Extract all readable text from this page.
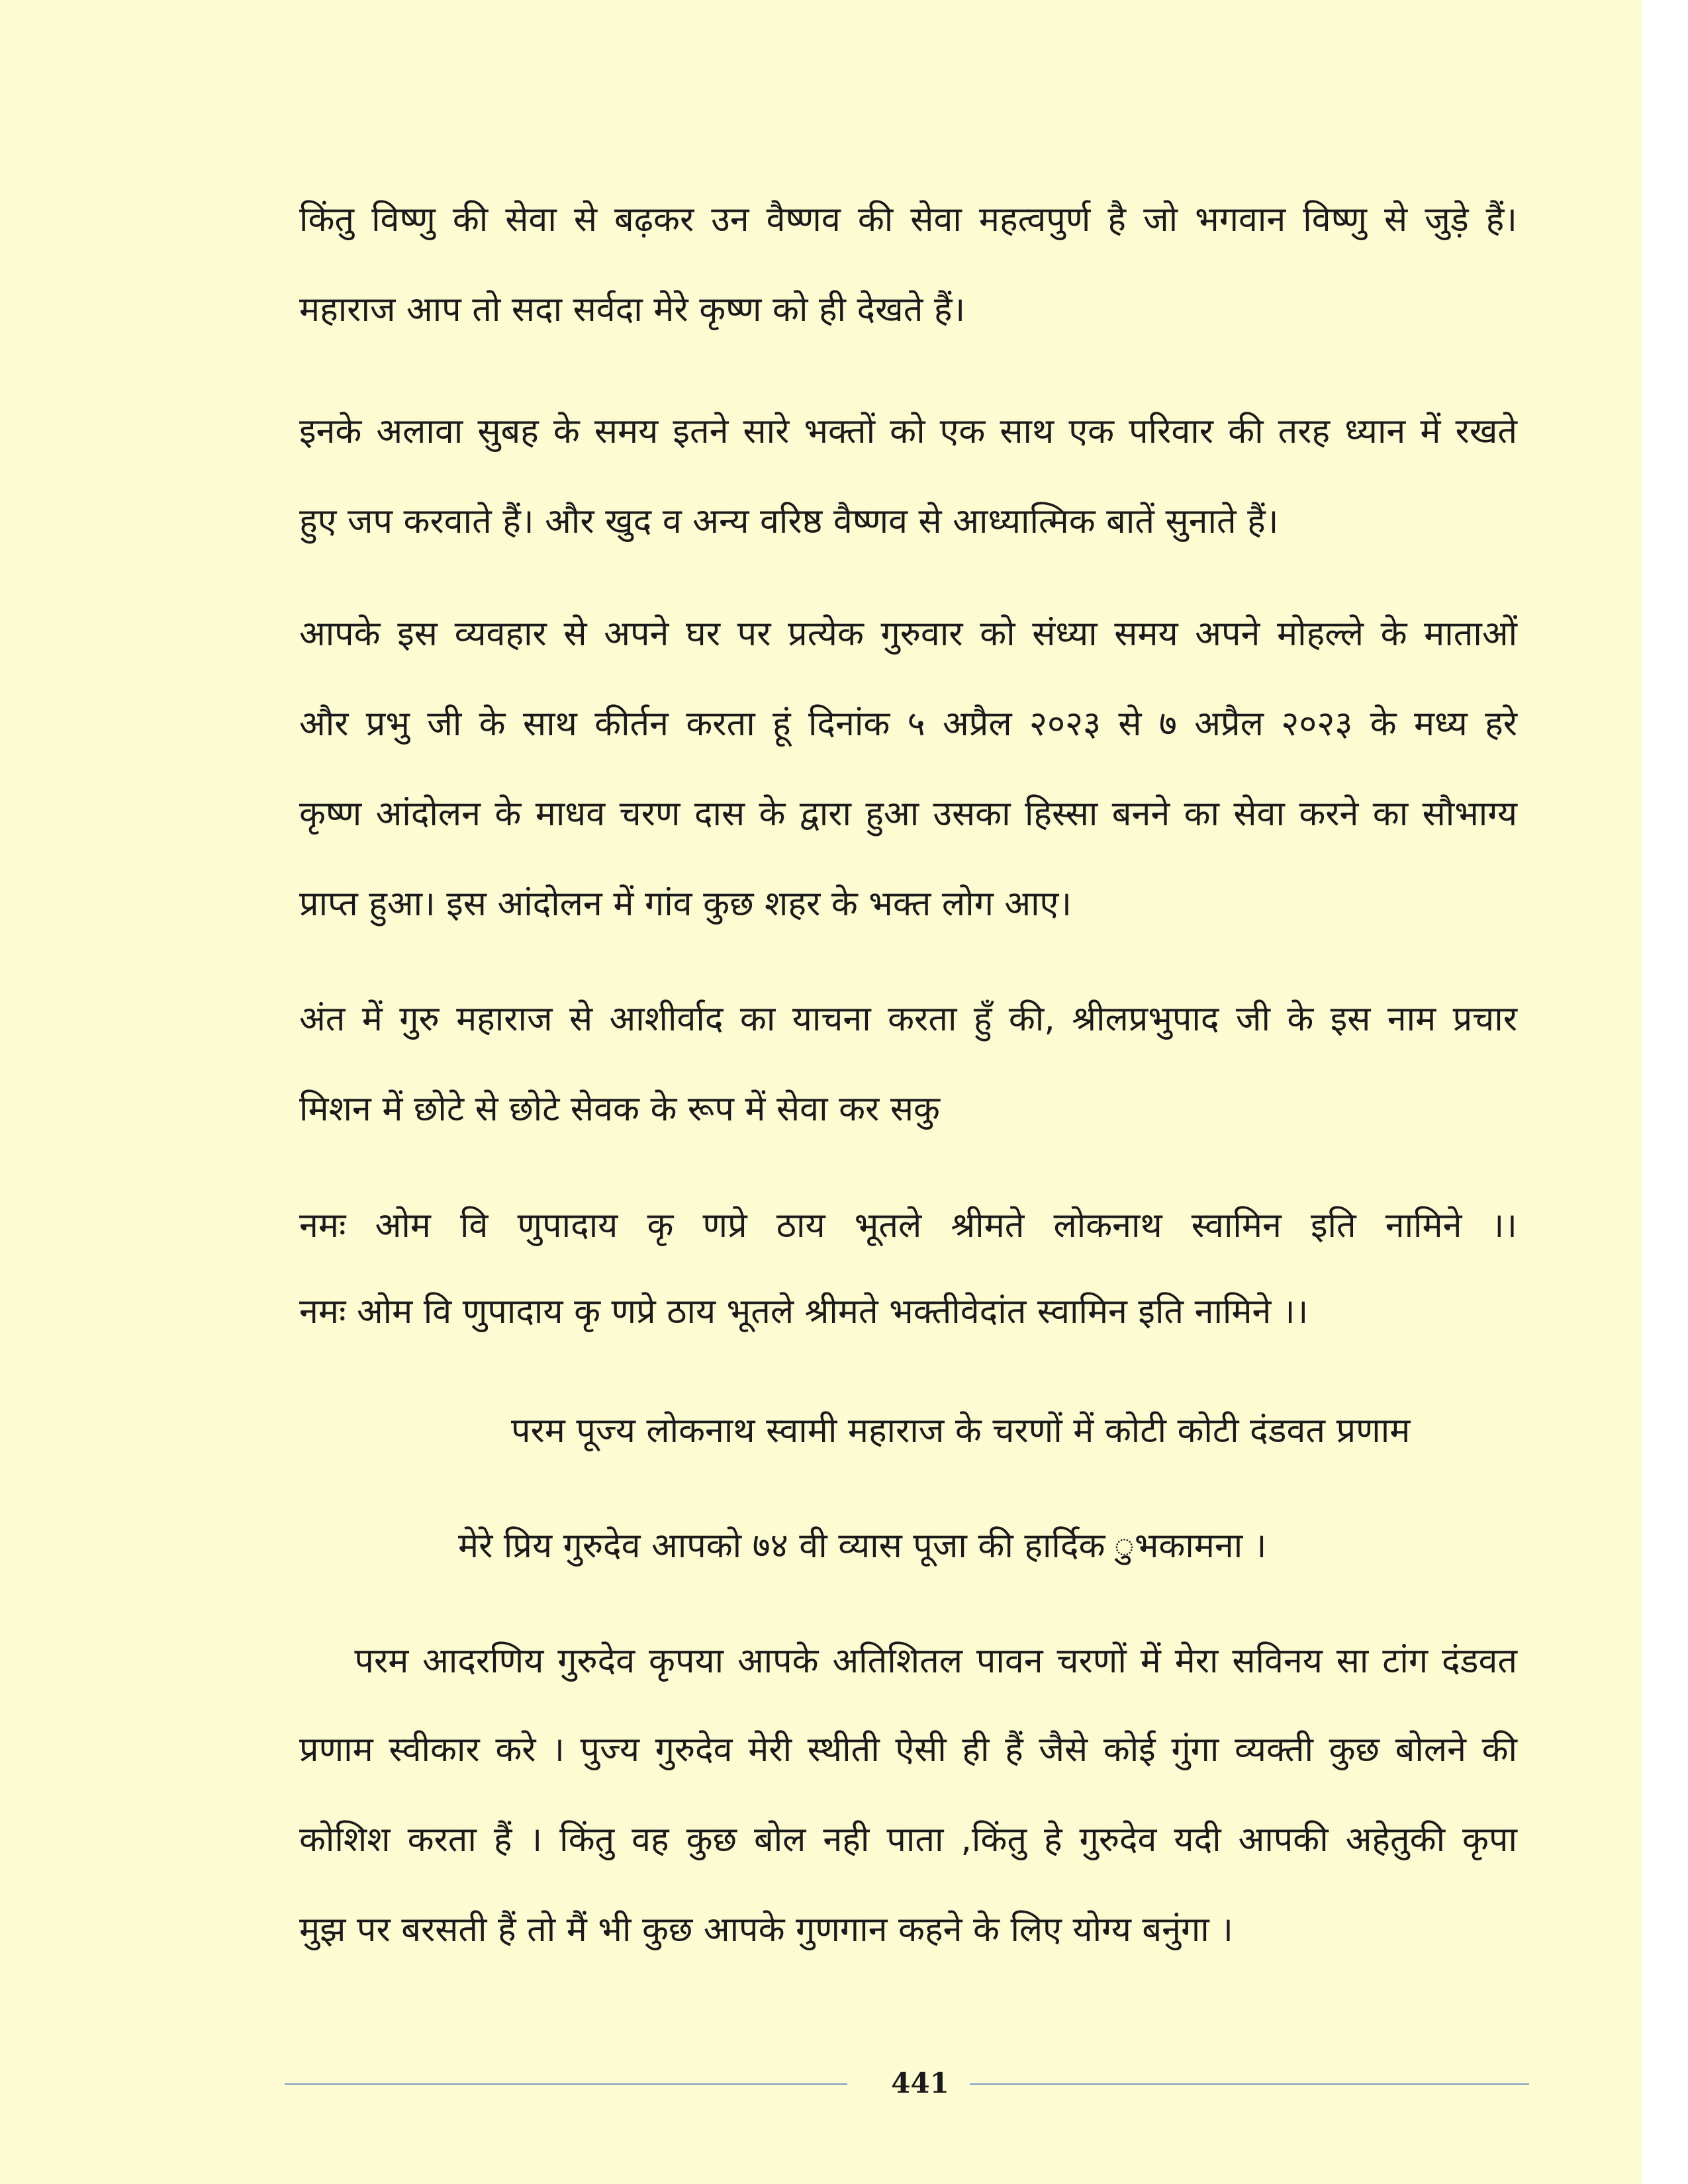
किंतु विष्णु की सेवा से बढ़कर उन वैष्णव की सेवा महत्वपुर्ण है जो भगवान विष्णु से जुड़े हैं।
महाराज आप तो सदा सर्वदा मेरे कृष्ण को ही देखते हैं।
इनके अलावा सुबह के समय इतने सारे भक्तों को एक साथ एक परिवार की तरह ध्यान में रखते
हुए जप करवाते हैं। और खुद व अन्य वरिष्ठ वैष्णव से आध्यात्मिक बातें सुनाते हैं।
आपके इस व्यवहार से अपने घर पर प्रत्येक गुरुवार को संध्या समय अपने मोहल्ले के माताओं
और प्रभु जी के साथ कीर्तन करता हूं दिनांक ५ अप्रैल २०२३ से ७ अप्रैल २०२३ के मध्य हरे
कृष्ण आंदोलन के माधव चरण दास के द्वारा हुआ उसका हिस्सा बनने का सेवा करने का सौभाग्य
प्राप्त हुआ। इस आंदोलन में गांव कुछ शहर के भक्त लोग आए।
अंत में गुरु महाराज से आशीर्वाद का याचना करता हुॅं की, श्रीलप्रभुपाद जी के इस नाम प्रचार
मिशन में छोटे से छोटे सेवक के रूप में सेवा कर सकु
नमः ओम वि णुपादाय कृ णप्रे ठाय भूतले श्रीमते लोकनाथ स्वामिन इति नामिने ।।
नमः ओम वि णुपादाय कृ णप्रे ठाय भूतले श्रीमते भक्तीवेदांत स्वामिन इति नामिने ।।
परम पूज्य लोकनाथ स्वामी महाराज के चरणों में कोटी कोटी दंडवत प्रणाम
मेरे प्रिय गुरुदेव आपको ७४ वी व्यास पूजा की हार्दिक ुभकामना ।
परम आदरणिय गुरुदेव कृपया आपके अतिशितल पावन चरणों में मेरा सविनय सा टांग दंडवत
प्रणाम स्वीकार करे । पुज्य गुरुदेव मेरी स्थीती ऐसी ही हैं जैसे कोई गुंगा व्यक्ती कुछ बोलने की
कोशिश करता हैं । किंतु वह कुछ बोल नही पाता ,किंतु हे गुरुदेव यदी आपकी अहेतुकी कृपा
मुझ पर बरसती हैं तो मैं भी कुछ आपके गुणगान कहने के लिए योग्य बनुंगा ।
441
